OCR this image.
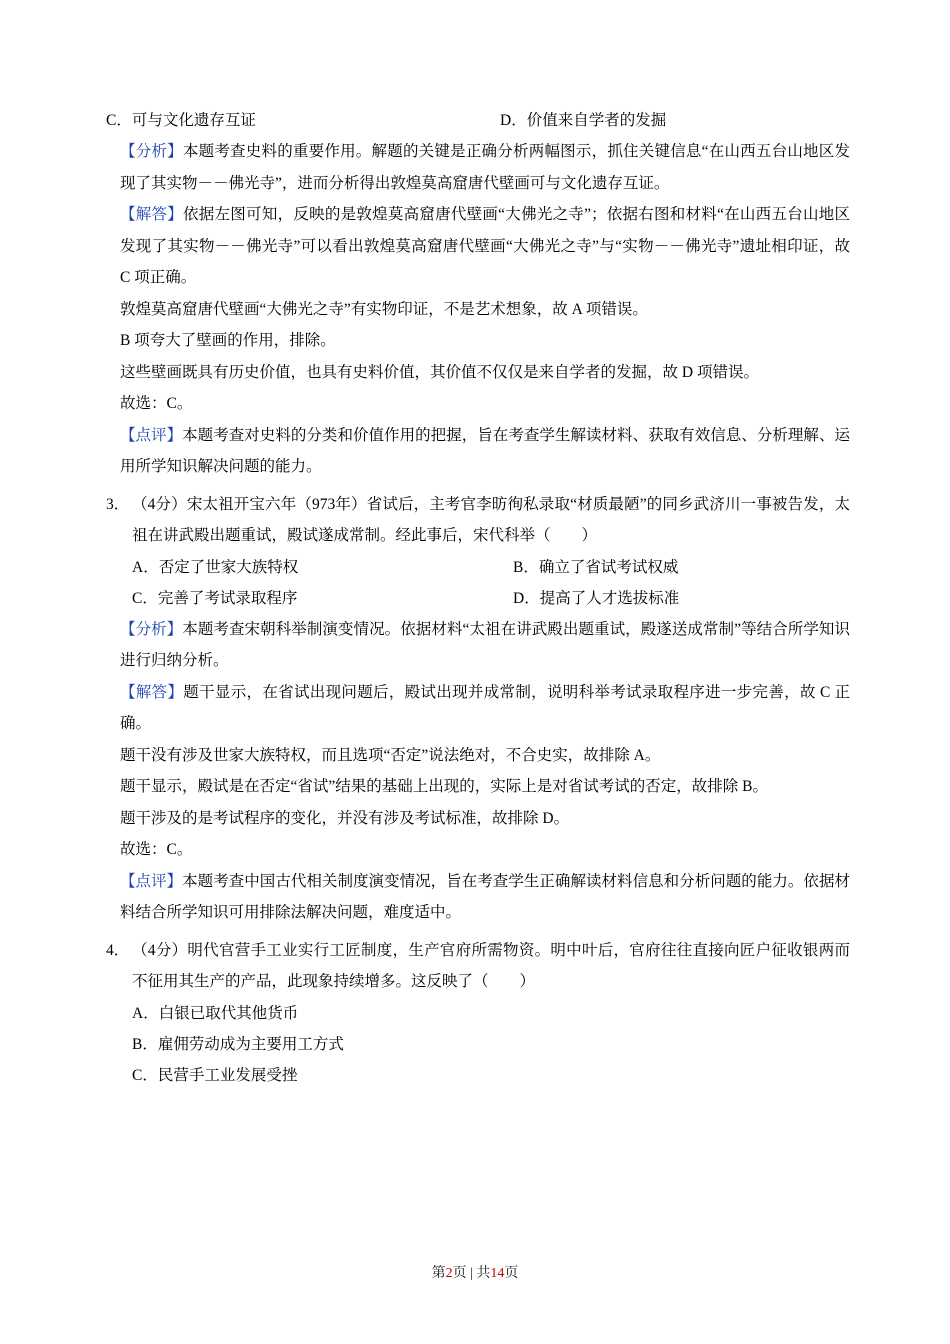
C．可与文化遗存互证	D．价值来自学者的发掘
【分析】本题考查史料的重要作用。解题的关键是正确分析两幅图示，抓住关键信息“在山西五台山地区发现了其实物－－佛光寺”，进而分析得出敦煌莫高窟唐代壁画可与文化遗存互证。
【解答】依据左图可知，反映的是敦煌莫高窟唐代壁画“大佛光之寺”；依据右图和材料“在山西五台山地区发现了其实物－－佛光寺”可以看出敦煌莫高窟唐代壁画“大佛光之寺”与“实物－－佛光寺”遗址相印证，故 C 项正确。
敦煌莫高窟唐代壁画“大佛光之寺”有实物印证，不是艺术想象，故 A 项错误。
B 项夸大了壁画的作用，排除。
这些壁画既具有历史价值，也具有史料价值，其价值不仅仅是来自学者的发掘，故 D 项错误。
故选：C。
【点评】本题考查对史料的分类和价值作用的把握，旨在考查学生解读材料、获取有效信息、分析理解、运用所学知识解决问题的能力。
3． （4分）宋太祖开宝六年（973年）省试后，主考官李昉徇私录取“材质最陋”的同乡武济川一事被告发，太祖在讲武殿出题重试，殿试遂成常制。经此事后，宋代科举（　　）
A．否定了世家大族特权	B．确立了省试考试权威
C．完善了考试录取程序	D．提高了人才选拔标准
【分析】本题考查宋朝科举制演变情况。依据材料“太祖在讲武殿出题重试，殿遂送成常制”等结合所学知识进行归纳分析。
【解答】题干显示，在省试出现问题后，殿试出现并成常制，说明科举考试录取程序进一步完善，故 C 正确。
题干没有涉及世家大族特权，而且选项“否定”说法绝对，不合史实，故排除 A。
题干显示，殿试是在否定“省试”结果的基础上出现的，实际上是对省试考试的否定，故排除 B。
题干涉及的是考试程序的变化，并没有涉及考试标准，故排除 D。
故选：C。
【点评】本题考查中国古代相关制度演变情况，旨在考查学生正确解读材料信息和分析问题的能力。依据材料结合所学知识可用排除法解决问题，难度适中。
4． （4分）明代官营手工业实行工匠制度，生产官府所需物资。明中叶后，官府往往直接向匠户征收银两而不征用其生产的产品，此现象持续增多。这反映了（　　）
A．白银已取代其他货币
B．雇佣劳动成为主要用工方式
C．民营手工业发展受挫
第2页 | 共14页
